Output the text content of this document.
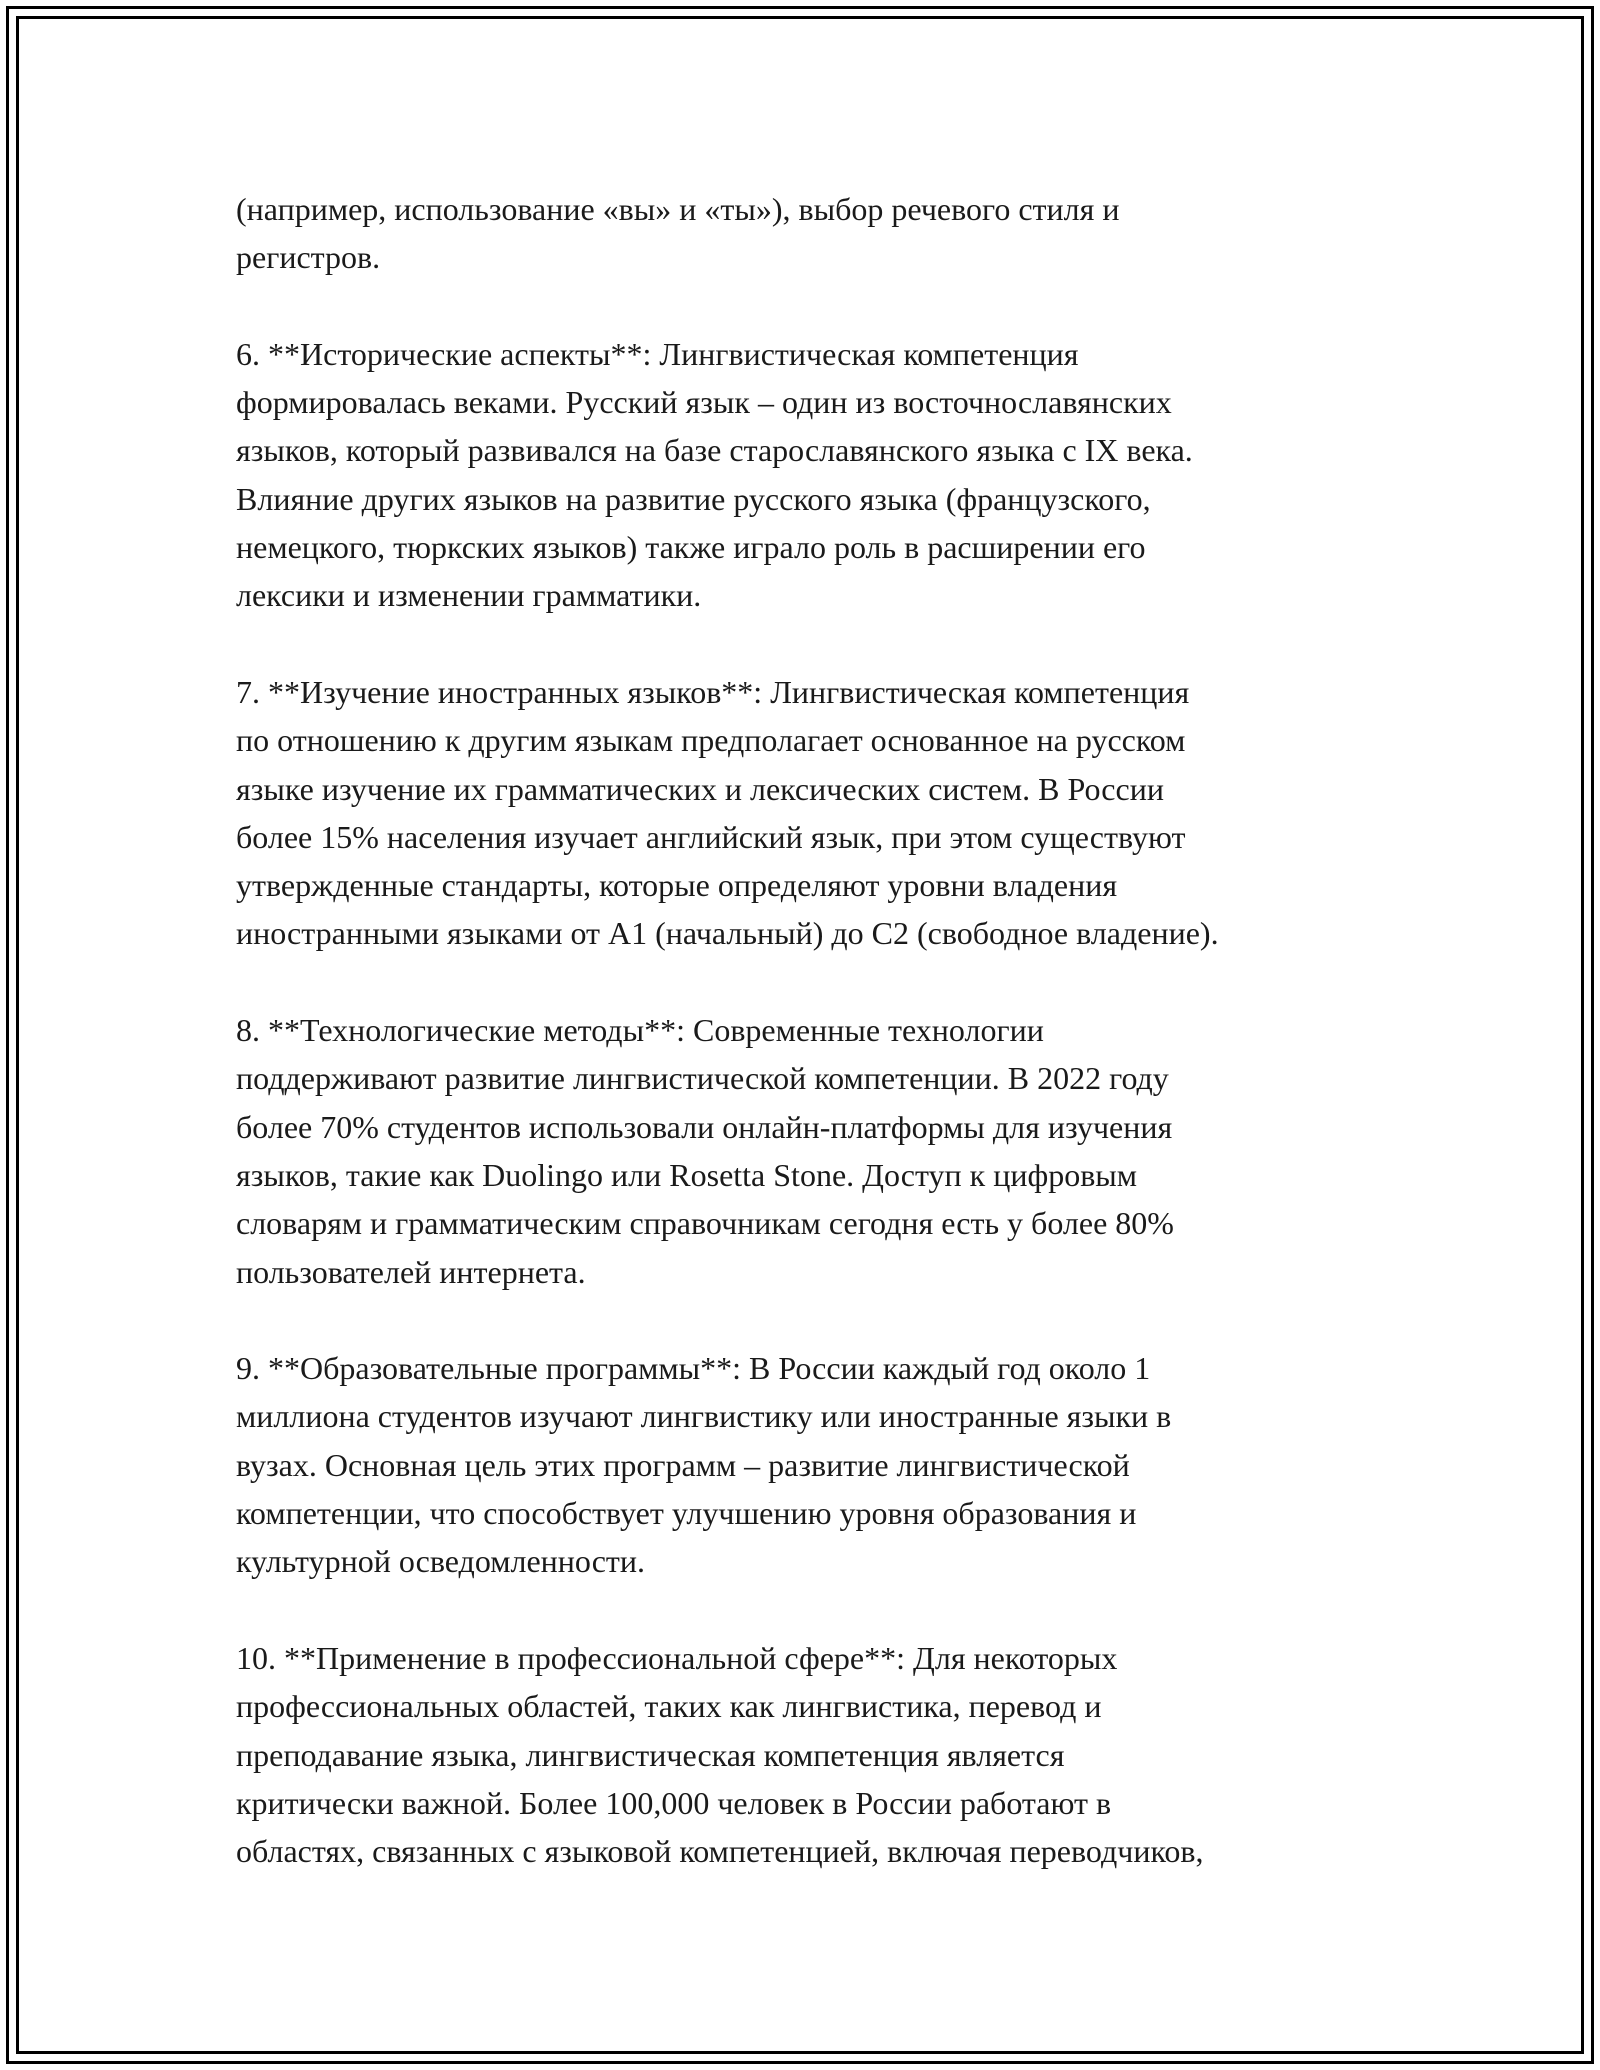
(например, использование «вы» и «ты»), выбор речевого стиля и
регистров.
6. **Исторические аспекты**: Лингвистическая компетенция
формировалась веками. Русский язык – один из восточнославянских
языков, который развивался на базе старославянского языка с IX века.
Влияние других языков на развитие русского языка (французского,
немецкого, тюркских языков) также играло роль в расширении его
лексики и изменении грамматики.
7. **Изучение иностранных языков**: Лингвистическая компетенция
по отношению к другим языкам предполагает основанное на русском
языке изучение их грамматических и лексических систем. В России
более 15% населения изучает английский язык, при этом существуют
утвержденные стандарты, которые определяют уровни владения
иностранными языками от A1 (начальный) до C2 (свободное владение).
8. **Технологические методы**: Современные технологии
поддерживают развитие лингвистической компетенции. В 2022 году
более 70% студентов использовали онлайн-платформы для изучения
языков, такие как Duolingo или Rosetta Stone. Доступ к цифровым
словарям и грамматическим справочникам сегодня есть у более 80%
пользователей интернета.
9. **Образовательные программы**: В России каждый год около 1
миллиона студентов изучают лингвистику или иностранные языки в
вузах. Основная цель этих программ – развитие лингвистической
компетенции, что способствует улучшению уровня образования и
культурной осведомленности.
10. **Применение в профессиональной сфере**: Для некоторых
профессиональных областей, таких как лингвистика, перевод и
преподавание языка, лингвистическая компетенция является
критически важной. Более 100,000 человек в России работают в
областях, связанных с языковой компетенцией, включая переводчиков,
